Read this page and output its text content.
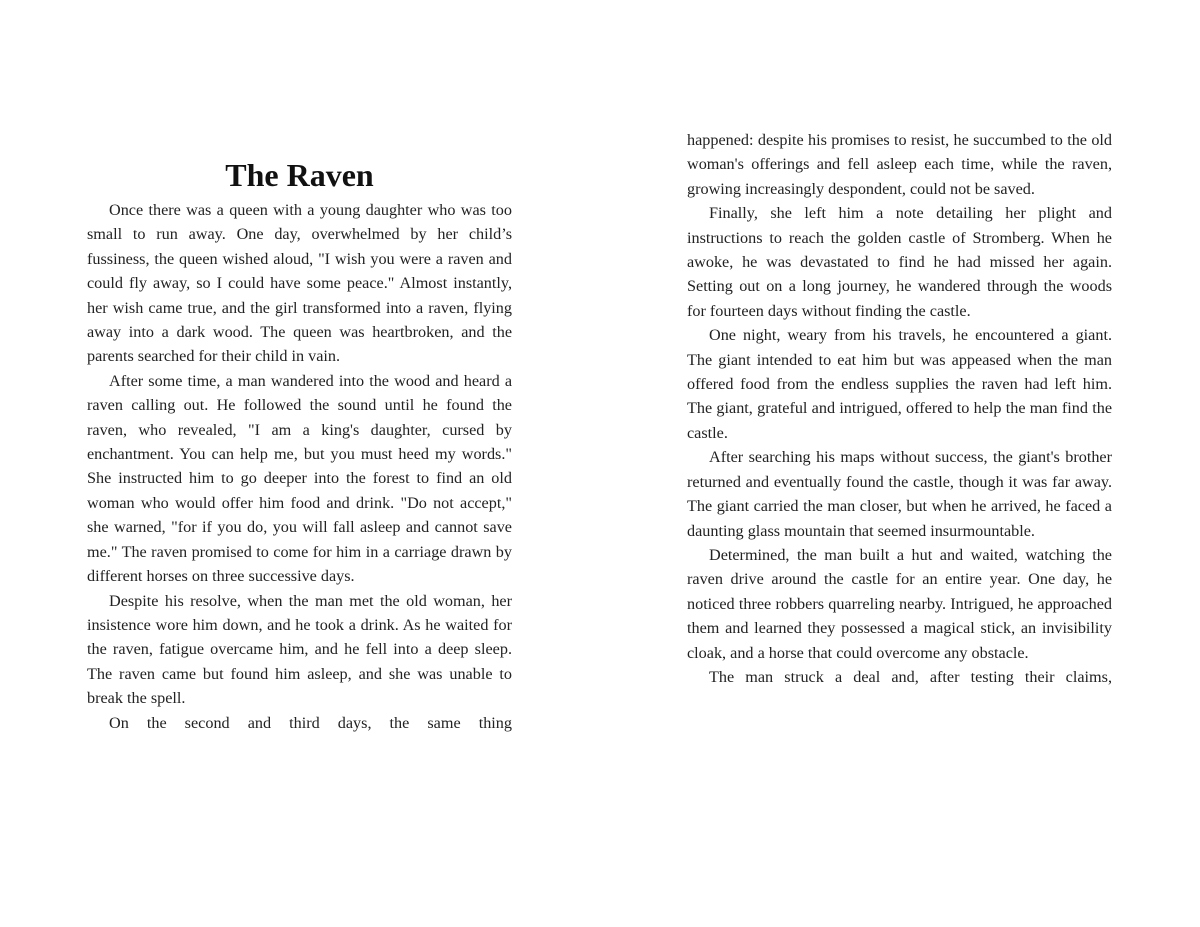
The Raven

Once there was a queen with a young daughter who was too small to run away. One day, overwhelmed by her child’s fussiness, the queen wished aloud, "I wish you were a raven and could fly away, so I could have some peace." Almost instantly, her wish came true, and the girl transformed into a raven, flying away into a dark wood. The queen was heartbroken, and the parents searched for their child in vain.

After some time, a man wandered into the wood and heard a raven calling out. He followed the sound until he found the raven, who revealed, "I am a king's daughter, cursed by enchantment. You can help me, but you must heed my words." She instructed him to go deeper into the forest to find an old woman who would offer him food and drink. "Do not accept," she warned, "for if you do, you will fall asleep and cannot save me." The raven promised to come for him in a carriage drawn by different horses on three successive days.

Despite his resolve, when the man met the old woman, her insistence wore him down, and he took a drink. As he waited for the raven, fatigue overcame him, and he fell into a deep sleep. The raven came but found him asleep, and she was unable to break the spell.

On the second and third days, the same thing

happened: despite his promises to resist, he succumbed to the old woman's offerings and fell asleep each time, while the raven, growing increasingly despondent, could not be saved.

Finally, she left him a note detailing her plight and instructions to reach the golden castle of Stromberg. When he awoke, he was devastated to find he had missed her again. Setting out on a long journey, he wandered through the woods for fourteen days without finding the castle.

One night, weary from his travels, he encountered a giant. The giant intended to eat him but was appeased when the man offered food from the endless supplies the raven had left him. The giant, grateful and intrigued, offered to help the man find the castle.

After searching his maps without success, the giant's brother returned and eventually found the castle, though it was far away. The giant carried the man closer, but when he arrived, he faced a daunting glass mountain that seemed insurmountable.

Determined, the man built a hut and waited, watching the raven drive around the castle for an entire year. One day, he noticed three robbers quarreling nearby. Intrigued, he approached them and learned they possessed a magical stick, an invisibility cloak, and a horse that could overcome any obstacle.

The man struck a deal and, after testing their claims,
